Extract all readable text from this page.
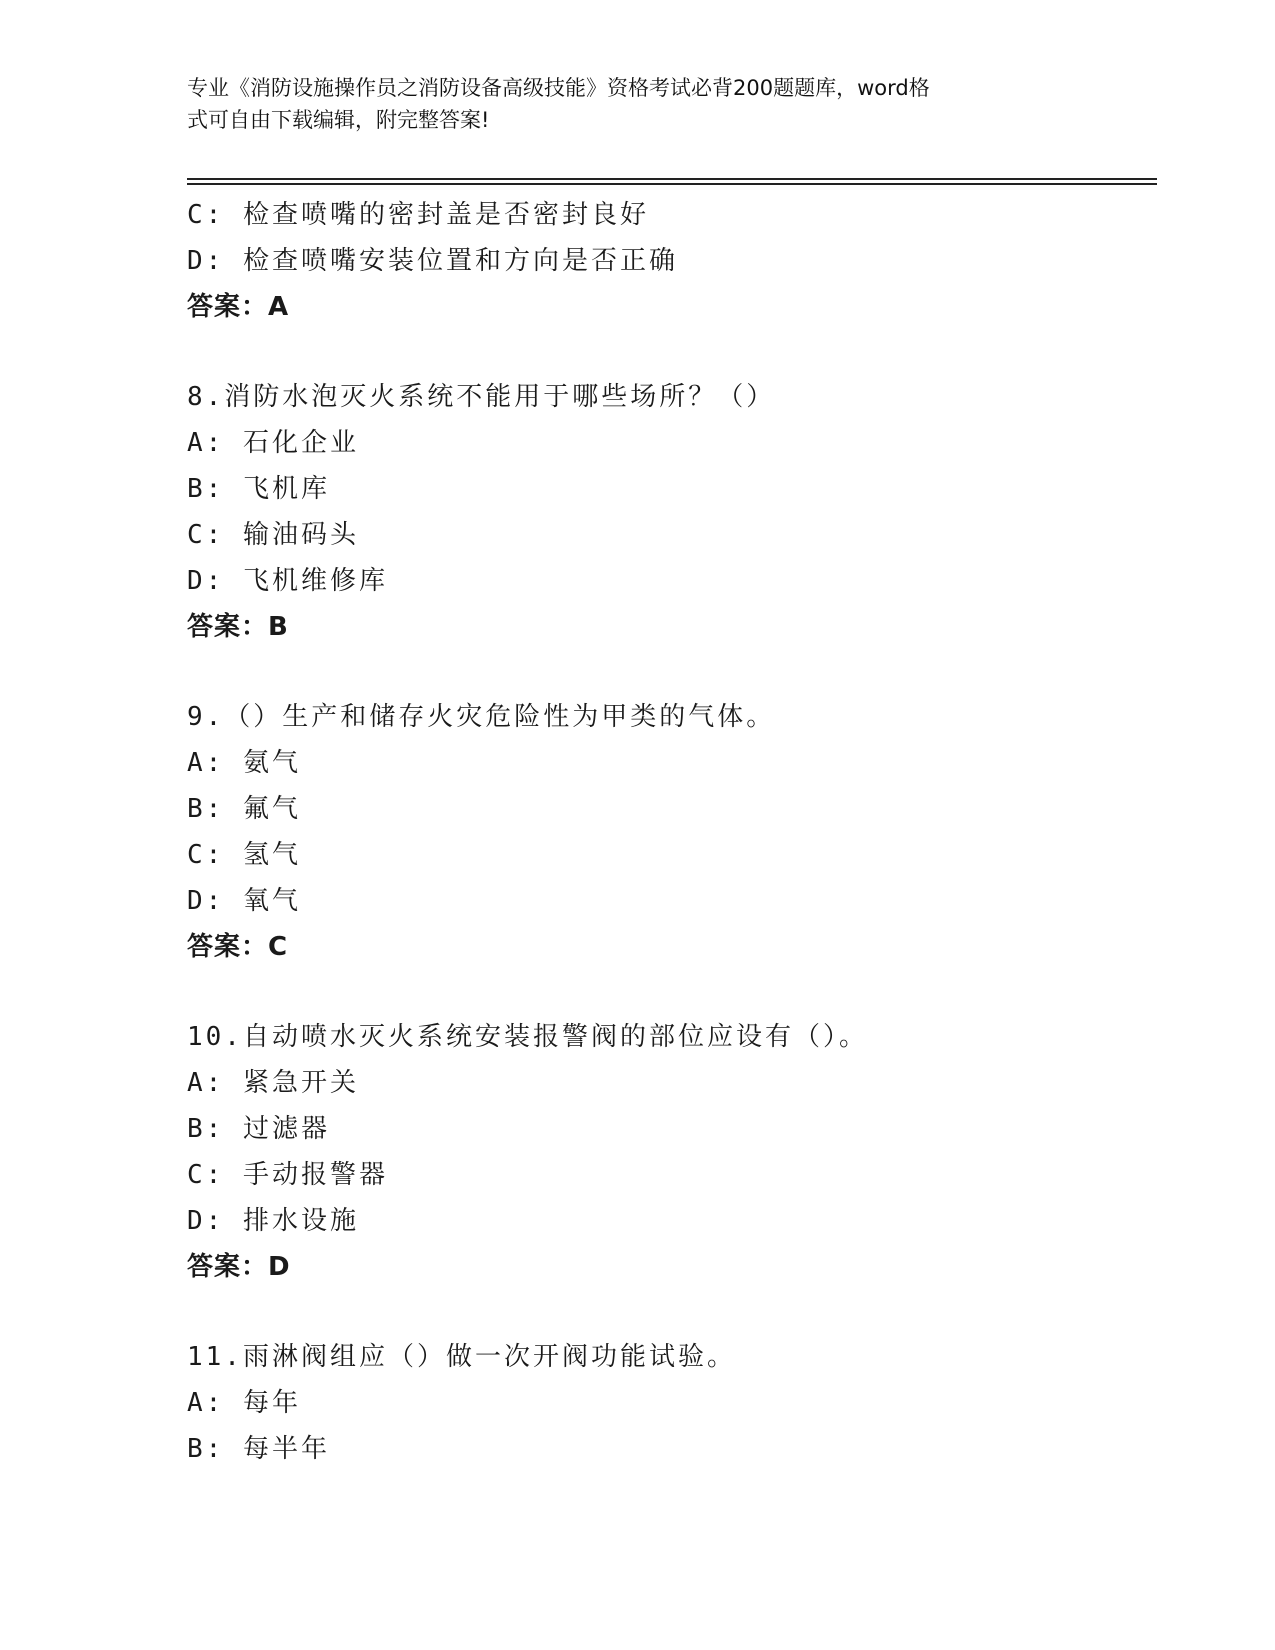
专业《消防设施操作员之消防设备高级技能》资格考试必背200题题库，word格
式可自由下载编辑，附完整答案!
C: 检查喷嘴的密封盖是否密封良好
D: 检查喷嘴安装位置和方向是否正确
答案：A
8.消防水泡灭火系统不能用于哪些场所？（）
A: 石化企业
B: 飞机库
C: 输油码头
D: 飞机维修库
答案：B
9.（）生产和储存火灾危险性为甲类的气体。
A: 氨气
B: 氟气
C: 氢气
D: 氧气
答案：C
10.自动喷水灭火系统安装报警阀的部位应设有（）。
A: 紧急开关
B: 过滤器
C: 手动报警器
D: 排水设施
答案：D
11.雨淋阀组应（）做一次开阀功能试验。
A: 每年
B: 每半年
